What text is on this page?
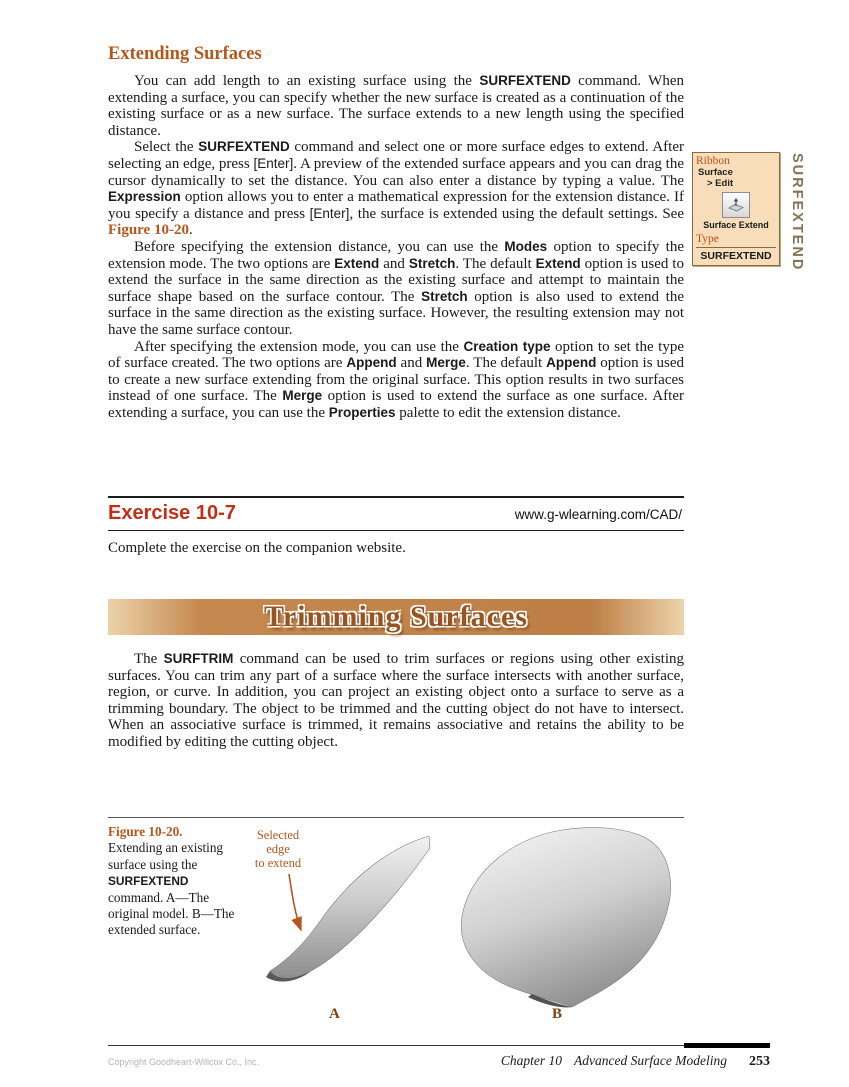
Extending Surfaces

You can add length to an existing surface using the SURFEXTEND command. When extending a surface, you can specify whether the new surface is created as a continuation of the existing surface or as a new surface. The surface extends to a new length using the specified distance.

Select the SURFEXTEND command and select one or more surface edges to extend. After selecting an edge, press [Enter]. A preview of the extended surface appears and you can drag the cursor dynamically to set the distance. You can also enter a distance by typing a value. The Expression option allows you to enter a mathematical expression for the extension distance. If you specify a distance and press [Enter], the surface is extended using the default settings. See Figure 10-20.

Before specifying the extension distance, you can use the Modes option to specify the extension mode. The two options are Extend and Stretch. The default Extend option is used to extend the surface in the same direction as the existing surface and attempt to maintain the surface shape based on the surface contour. The Stretch option is also used to extend the surface in the same direction as the existing surface. However, the resulting extension may not have the same surface contour.

After specifying the extension mode, you can use the Creation type option to set the type of surface created. The two options are Append and Merge. The default Append option is used to create a new surface extending from the original surface. This option results in two surfaces instead of one surface. The Merge option is used to extend the surface as one surface. After extending a surface, you can use the Properties palette to edit the extension distance.

Exercise 10-7	www.g-wlearning.com/CAD/

Complete the exercise on the companion website.

Trimming Surfaces

The SURFTRIM command can be used to trim surfaces or regions using other existing surfaces. You can trim any part of a surface where the surface intersects with another surface, region, or curve. In addition, you can project an existing object onto a surface to serve as a trimming boundary. The object to be trimmed and the cutting object do not have to intersect. When an associative surface is trimmed, it remains associative and retains the ability to be modified by editing the cutting object.

Figure 10-20.
Extending an existing surface using the SURFEXTEND command. A—The original model. B—The extended surface.
Selected
edge
to extend
A	B
Ribbon
Surface
> Edit
Surface Extend
Type
SURFEXTEND	SURFEXTEND
Copyright Goodheart-Willcox Co., Inc.	Chapter 10 Advanced Surface Modeling 253
